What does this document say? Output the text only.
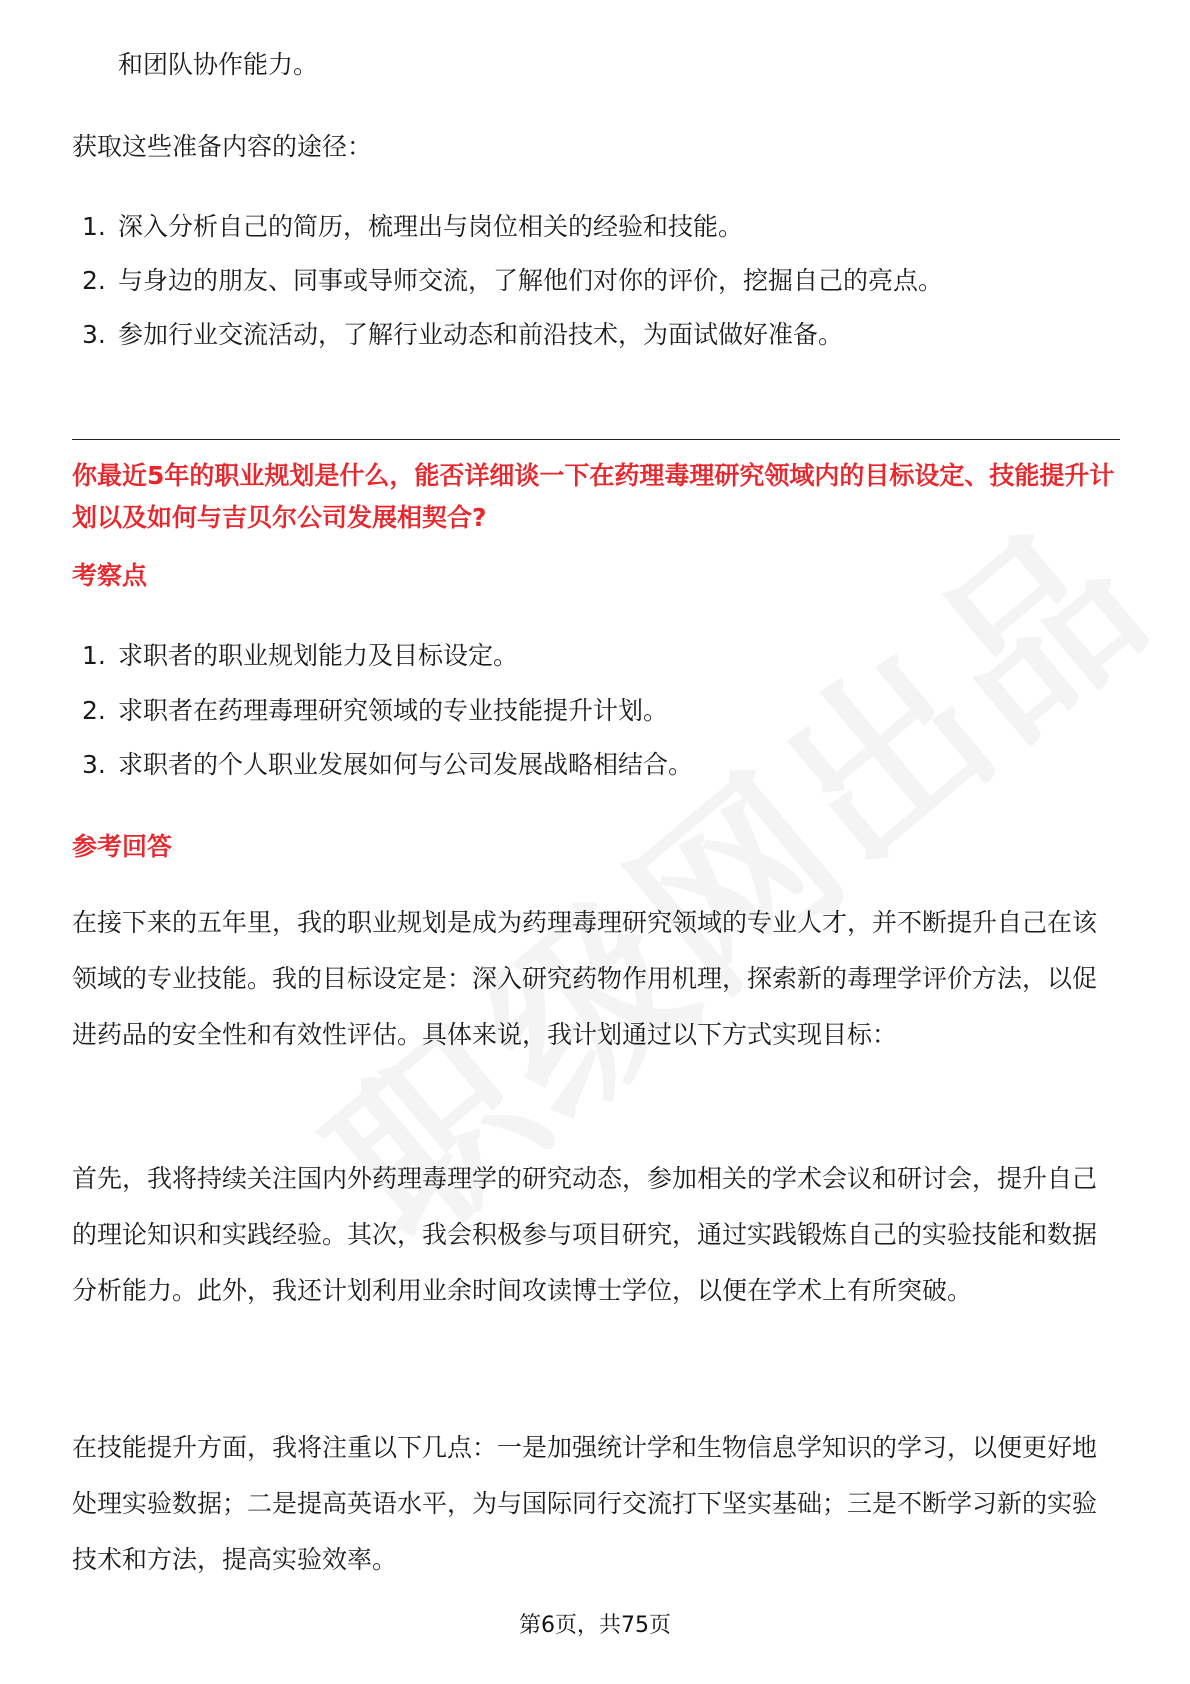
和团队协作能力。
获取这些准备内容的途径：
1. 深入分析自己的简历，梳理出与岗位相关的经验和技能。
2. 与身边的朋友、同事或导师交流，了解他们对你的评价，挖掘自己的亮点。
3. 参加行业交流活动，了解行业动态和前沿技术，为面试做好准备。
你最近5年的职业规划是什么，能否详细谈一下在药理毒理研究领域内的目标设定、技能提升计划以及如何与吉贝尔公司发展相契合?
考察点
1. 求职者的职业规划能力及目标设定。
2. 求职者在药理毒理研究领域的专业技能提升计划。
3. 求职者的个人职业发展如何与公司发展战略相结合。
参考回答
在接下来的五年里，我的职业规划是成为药理毒理研究领域的专业人才，并不断提升自己在该领域的专业技能。我的目标设定是：深入研究药物作用机理，探索新的毒理学评价方法，以促进药品的安全性和有效性评估。具体来说，我计划通过以下方式实现目标：
首先，我将持续关注国内外药理毒理学的研究动态，参加相关的学术会议和研讨会，提升自己的理论知识和实践经验。其次，我会积极参与项目研究，通过实践锻炼自己的实验技能和数据分析能力。此外，我还计划利用业余时间攻读博士学位，以便在学术上有所突破。
在技能提升方面，我将注重以下几点：一是加强统计学和生物信息学知识的学习，以便更好地处理实验数据；二是提高英语水平，为与国际同行交流打下坚实基础；三是不断学习新的实验技术和方法，提高实验效率。
第6页，共75页
